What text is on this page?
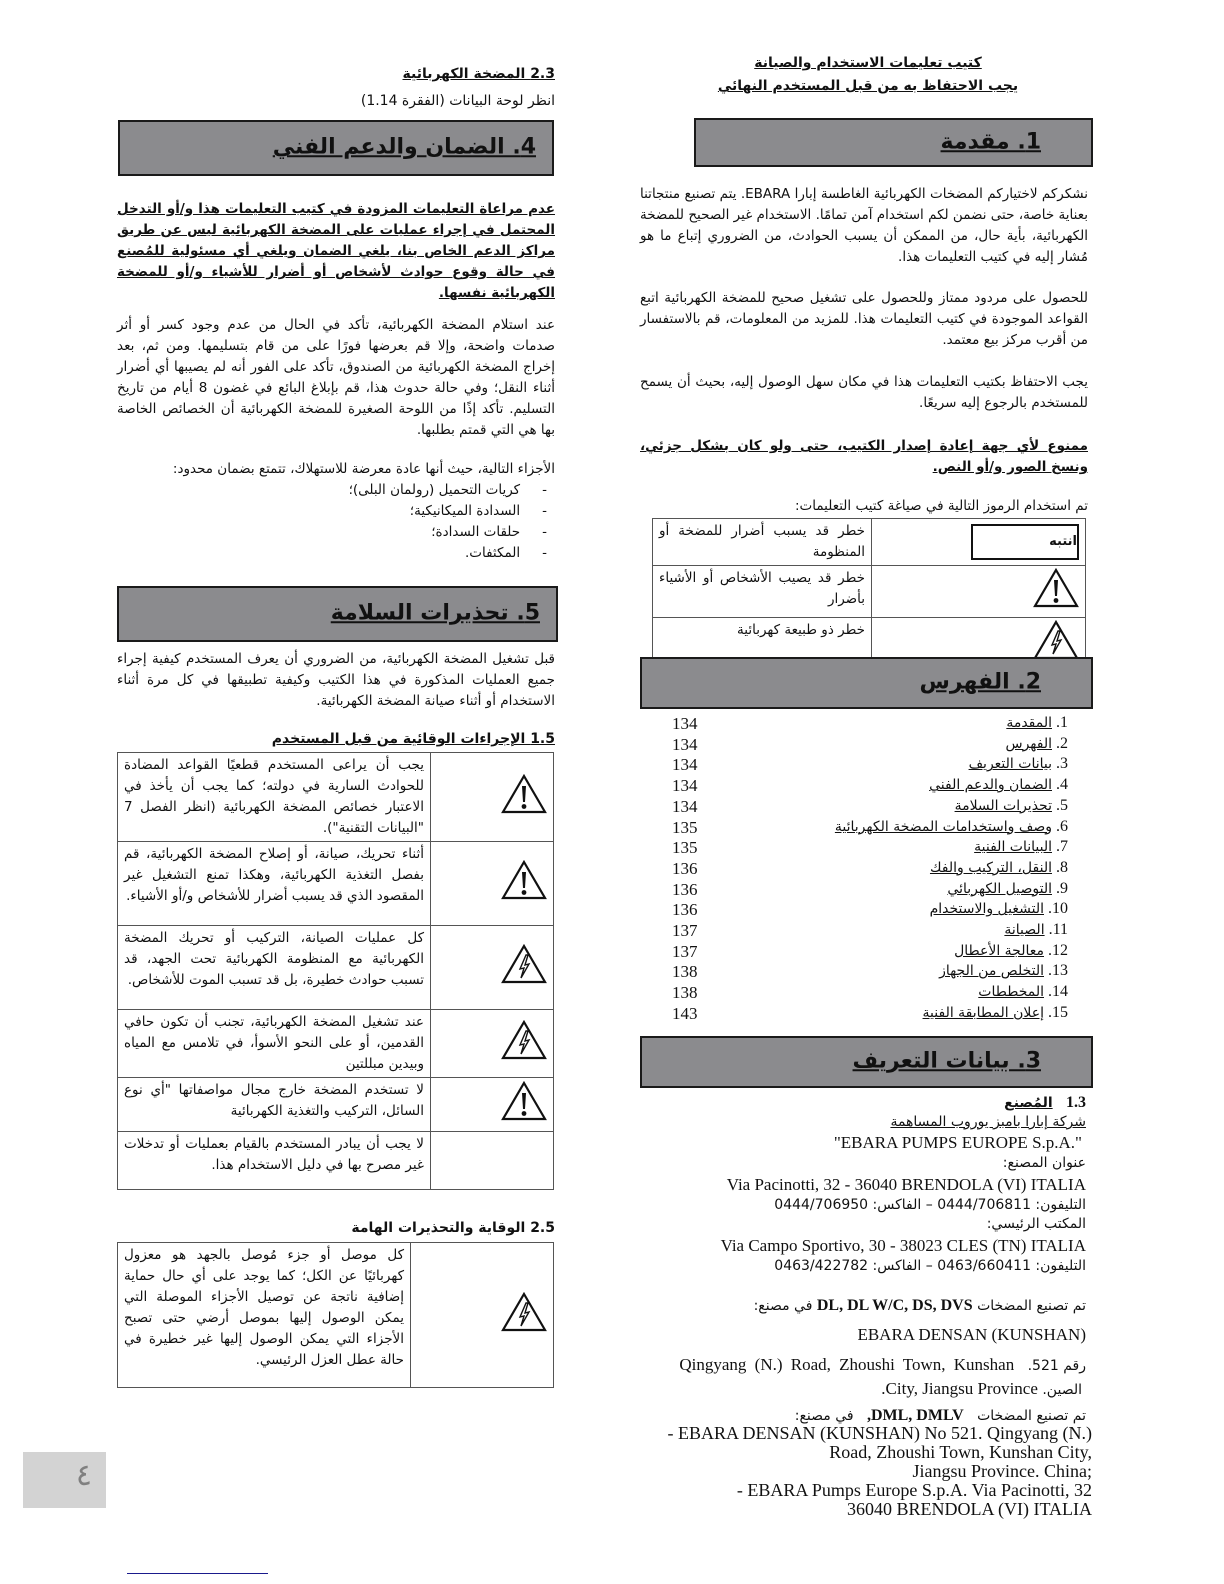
كتيب تعليمات الاستخدام والصيانة
يجب الاحتفاظ به من قبل المستخدم النهائي
1. مقدمة
نشكركم لاختياركم المضخات الكهربائية الغاطسة إبارا EBARA. يتم تصنيع منتجاتنا بعناية خاصة، حتى نضمن لكم استخدام آمن تمامًا. الاستخدام غير الصحيح للمضخة الكهربائية، بأية حال، من الممكن أن يسبب الحوادث، من الضروري إتباع ما هو مُشار إليه في كتيب التعليمات هذا.
للحصول على مردود ممتاز وللحصول على تشغيل صحيح للمضخة الكهربائية اتبع القواعد الموجودة في كتيب التعليمات هذا. للمزيد من المعلومات، قم بالاستفسار من أقرب مركز بيع معتمد.
يجب الاحتفاظ بكتيب التعليمات هذا في مكان سهل الوصول إليه، بحيث أن يسمح للمستخدم بالرجوع إليه سريعًا.
ممنوع لأي جهة إعادة إصدار الكتيب، حتى ولو كان بشكل جزئي، ونسخ الصور و/أو النص.
تم استخدام الرموز التالية في صياغة كتيب التعليمات:
انتبه	خطر قد يسبب أضرار للمضخة أو المنظومة
	خطر قد يصيب الأشخاص أو الأشياء بأضرار
	خطر ذو طبيعة كهربائية
2. الفهرس
134	1. المقدمة
134	2. الفهرس
134	3. بيانات التعريف
134	4. الضمان والدعم الفني
134	5. تحذيرات السلامة
135	6. وصف واستخدامات المضخة الكهربائية
135	7. البيانات الفنية
136	8. النقل، التركيب والفك
136	9. التوصيل الكهربائي
136	10. التشغيل والاستخدام
137	11. الصيانة
137	12. معالجة الأعطال
138	13. التخلص من الجهاز
138	14. المخططات
143	15. إعلان المطابقة الفنية
3. بيانات التعريف
1.3   المُصنع
شركة إبارا بامبز يوروب المساهمة
"EBARA PUMPS EUROPE S.p.A."
عنوان المصنع:
Via Pacinotti, 32 - 36040 BRENDOLA (VI) ITALIA
التليفون: 0444/706811 – الفاكس: 0444/706950
المكتب الرئيسي:
Via Campo Sportivo, 30 - 38023 CLES (TN) ITALIA
التليفون: 0463/660411 – الفاكس: 0463/422782
تم تصنيع المضخات DL, DL W/C, DS, DVS في مصنع:
EBARA DENSAN (KUNSHAN)
رقم 521.   Qingyang (N.) Road, Zhoushi Town, Kunshan
الصين. City, Jiangsu Province.
تم تصنيع المضخات   DML, DMLV,   في مصنع:
- EBARA DENSAN (KUNSHAN) No 521. Qingyang (N.)
Road, Zhoushi Town, Kunshan City,
Jiangsu Province. China;
- EBARA Pumps Europe S.p.A. Via Pacinotti, 32
36040 BRENDOLA (VI) ITALIA
2.3 المضخة الكهربائية
انظر لوحة البيانات (الفقرة 1.14)
4. الضمان والدعم الفني
عدم مراعاة التعليمات المزودة في كتيب التعليمات هذا و/أو التدخل المحتمل في إجراء عمليات على المضخة الكهربائية ليس عن طريق مراكز الدعم الخاص بنا، يلغي الضمان ويلغي أي مسئولية للمُصنع في حالة وقوع حوادث لأشخاص أو أضرار للأشياء و/أو للمضخة الكهربائية نفسها.
عند استلام المضخة الكهربائية، تأكد في الحال من عدم وجود كسر أو أثر صدمات واضحة، وإلا قم بعرضها فورًا على من قام بتسليمها. ومن ثم، بعد إخراج المضخة الكهربائية من الصندوق، تأكد على الفور أنه لم يصيبها أي أضرار أثناء النقل؛ وفي حالة حدوث هذا، قم بإبلاغ البائع في غضون 8 أيام من تاريخ التسليم. تأكد إذًا من اللوحة الصغيرة للمضخة الكهربائية أن الخصائص الخاصة بها هي التي قمتم بطلبها.
الأجزاء التالية، حيث أنها عادة معرضة للاستهلاك، تتمتع بضمان محدود:
-كريات التحميل (رولمان البلى)؛
-السدادة الميكانيكية؛
-حلقات السدادة؛
-المكثفات.
5. تحذيرات السلامة
قبل تشغيل المضخة الكهربائية، من الضروري أن يعرف المستخدم كيفية إجراء جميع العمليات المذكورة في هذا الكتيب وكيفية تطبيقها في كل مرة أثناء الاستخدام أو أثناء صيانة المضخة الكهربائية.
1.5 الإجراءات الوقائية من قبل المستخدم
	يجب أن يراعى المستخدم قطعيًا القواعد المضادة للحوادث السارية في دولته؛ كما يجب أن يأخذ في الاعتبار خصائص المضخة الكهربائية (انظر الفصل 7 "البيانات التقنية").
	أثناء تحريك، صيانة، أو إصلاح المضخة الكهربائية، قم بفصل التغذية الكهربائية، وهكذا تمنع التشغيل غير المقصود الذي قد يسبب أضرار للأشخاص و/أو الأشياء.
	كل عمليات الصيانة، التركيب أو تحريك المضخة الكهربائية مع المنظومة الكهربائية تحت الجهد، قد تسبب حوادث خطيرة، بل قد تسبب الموت للأشخاص.
	عند تشغيل المضخة الكهربائية، تجنب أن تكون حافي القدمين، أو على النحو الأسوأ، في تلامس مع المياه وبيدين مبللتين
	لا تستخدم المضخة خارج مجال مواصفاتها "أي نوع السائل، التركيب والتغذية الكهربائية
	لا يجب أن يبادر المستخدم بالقيام بعمليات أو تدخلات غير مصرح بها في دليل الاستخدام هذا.
2.5 الوقاية والتحذيرات الهامة
	كل موصل أو جزء مُوصل بالجهد هو معزول كهربائيًا عن الكل؛ كما يوجد على أي حال حماية إضافية ناتجة عن توصيل الأجزاء الموصلة التي يمكن الوصول إليها بموصل أرضي حتى تصبح الأجزاء التي يمكن الوصول إليها غير خطيرة في حالة عطل العزل الرئيسي.
٤
